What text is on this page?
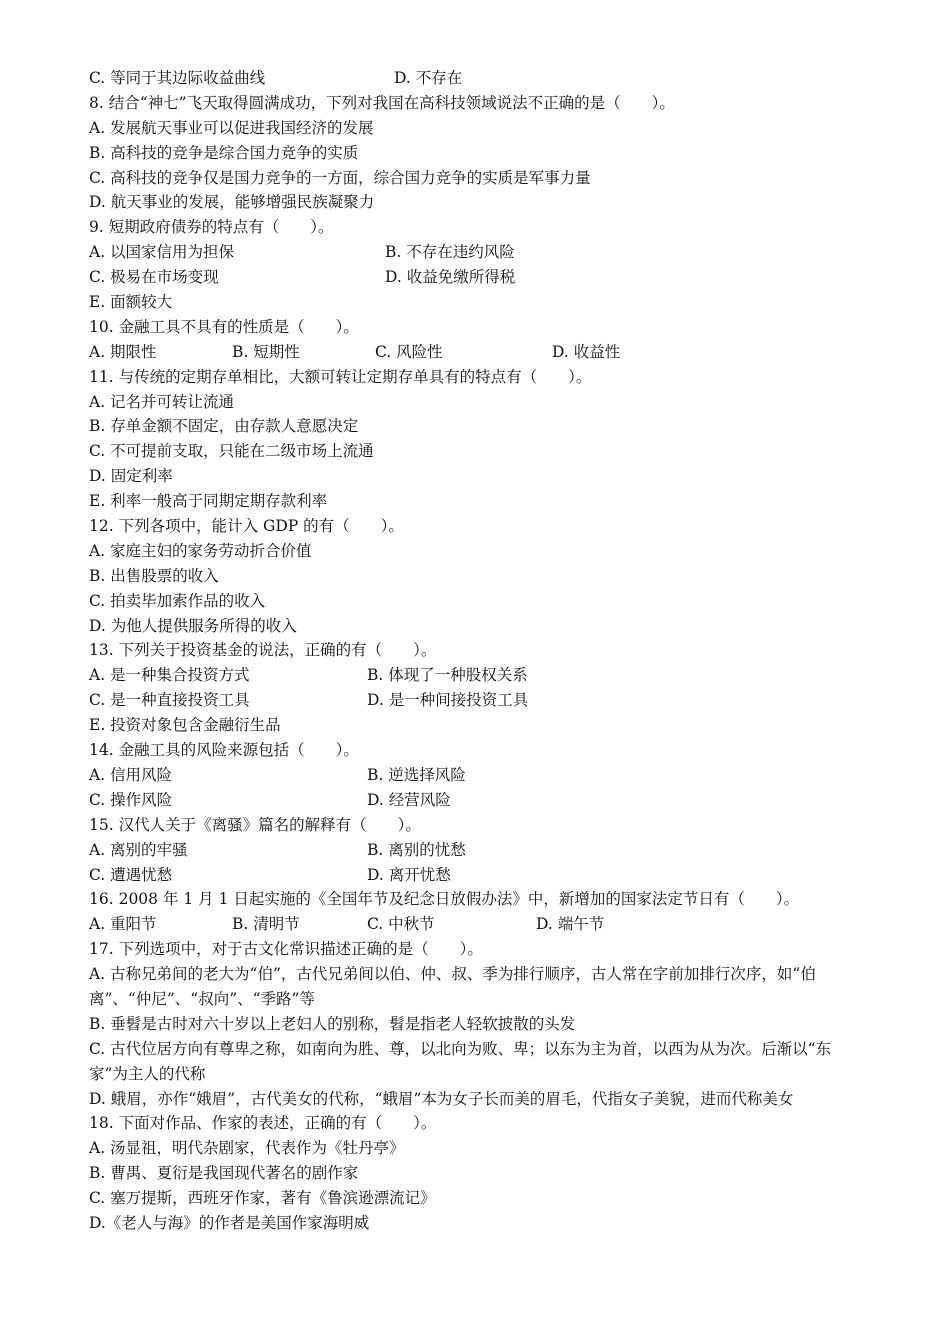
C. 等同于其边际收益曲线	D. 不存在
8. 结合“神七”飞天取得圆满成功，下列对我国在高科技领域说法不正确的是（　　）。
A. 发展航天事业可以促进我国经济的发展
B. 高科技的竞争是综合国力竞争的实质
C. 高科技的竞争仅是国力竞争的一方面，综合国力竞争的实质是军事力量
D. 航天事业的发展，能够增强民族凝聚力
9. 短期政府债券的特点有（　　）。
A. 以国家信用为担保	B. 不存在违约风险
C. 极易在市场变现	D. 收益免缴所得税
E. 面额较大
10. 金融工具不具有的性质是（　　）。
A. 期限性	B. 短期性	C. 风险性	D. 收益性
11. 与传统的定期存单相比，大额可转让定期存单具有的特点有（　　）。
A. 记名并可转让流通
B. 存单金额不固定，由存款人意愿决定
C. 不可提前支取，只能在二级市场上流通
D. 固定利率
E. 利率一般高于同期定期存款利率
12. 下列各项中，能计入 GDP 的有（　　）。
A. 家庭主妇的家务劳动折合价值
B. 出售股票的收入
C. 拍卖毕加索作品的收入
D. 为他人提供服务所得的收入
13. 下列关于投资基金的说法，正确的有（　　）。
A. 是一种集合投资方式	B. 体现了一种股权关系
C. 是一种直接投资工具	D. 是一种间接投资工具
E. 投资对象包含金融衍生品
14. 金融工具的风险来源包括（　　）。
A. 信用风险	B. 逆选择风险
C. 操作风险	D. 经营风险
15. 汉代人关于《离骚》篇名的解释有（　　）。
A. 离别的牢骚	B. 离别的忧愁
C. 遭遇忧愁	D. 离开忧愁
16. 2008 年 1 月 1 日起实施的《全国年节及纪念日放假办法》中，新增加的国家法定节日有（　　）。
A. 重阳节	B. 清明节	C. 中秋节	D. 端午节
17. 下列选项中，对于古文化常识描述正确的是（　　）。
A. 古称兄弟间的老大为“伯”，古代兄弟间以伯、仲、叔、季为排行顺序，古人常在字前加排行次序，如“伯离”、“仲尼”、“叔向”、“季路”等
B. 垂髫是古时对六十岁以上老妇人的别称，髫是指老人轻软披散的头发
C. 古代位居方向有尊卑之称，如南向为胜、尊，以北向为败、卑；以东为主为首，以西为从为次。后渐以“东家”为主人的代称
D. 蛾眉，亦作“娥眉”，古代美女的代称，“蛾眉”本为女子长而美的眉毛，代指女子美貌，进而代称美女
18. 下面对作品、作家的表述，正确的有（　　）。
A. 汤显祖，明代杂剧家，代表作为《牡丹亭》
B. 曹禺、夏衍是我国现代著名的剧作家
C. 塞万提斯，西班牙作家，著有《鲁滨逊漂流记》
D.《老人与海》的作者是美国作家海明威
